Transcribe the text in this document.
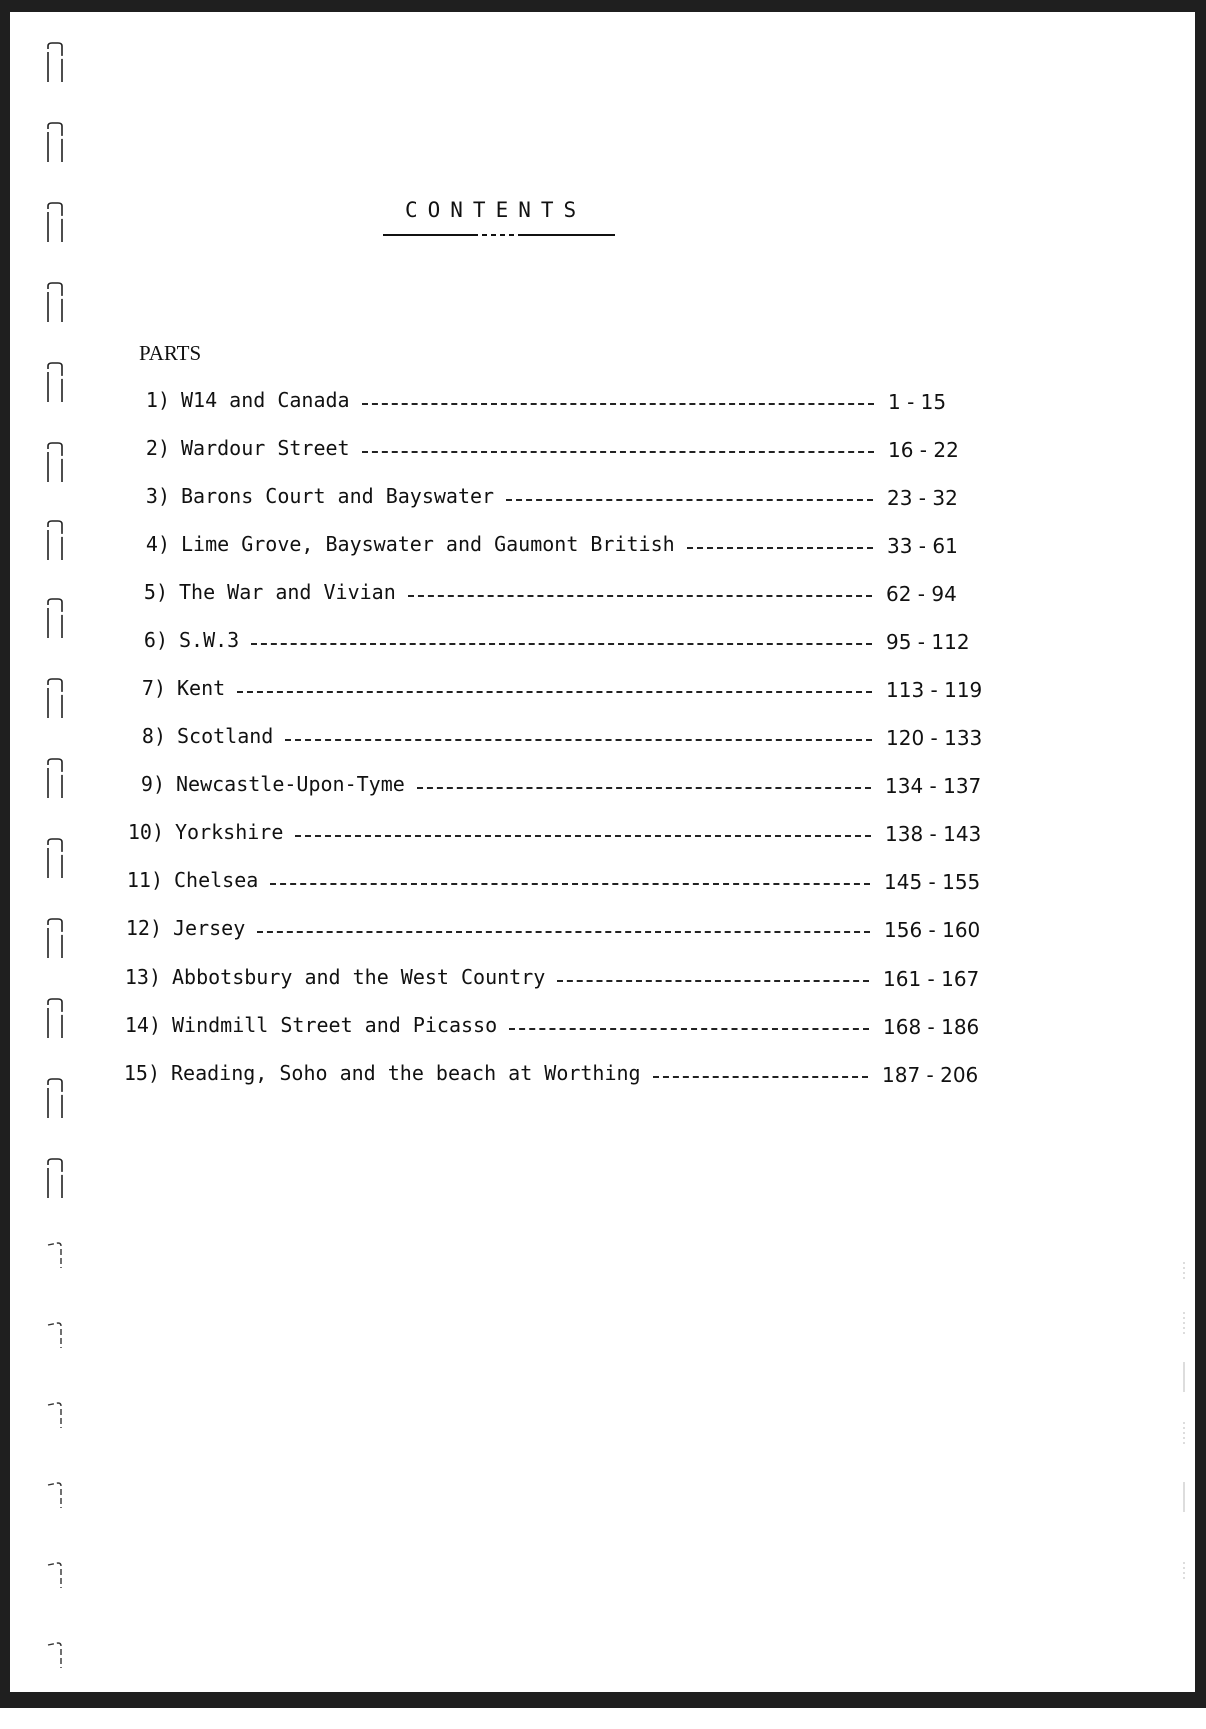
CONTENTS
PARTS
1) W14 and Canada	1 - 15
2) Wardour Street	16 - 22
3) Barons Court and Bayswater	23 - 32
4) Lime Grove, Bayswater and Gaumont British	33 - 61
5) The War and Vivian	62 - 94
6) S.W.3	95 - 112
7) Kent	113 - 119
8) Scotland	120 - 133
9) Newcastle-Upon-Tyme	134 - 137
10) Yorkshire	138 - 143
11) Chelsea	145 - 155
12) Jersey	156 - 160
13) Abbotsbury and the West Country	161 - 167
14) Windmill Street and Picasso	168 - 186
15) Reading, Soho and the beach at Worthing	187 - 206
